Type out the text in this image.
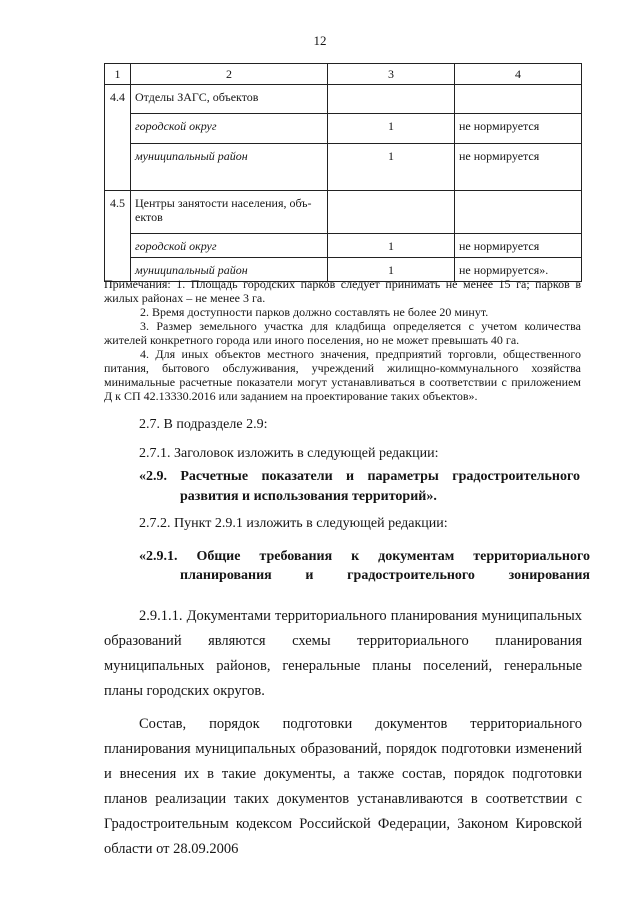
12
1	2	3	4
4.4	Отделы ЗАГС, объектов		
	городской округ	1	не нормируется
	муниципальный район	1	не нормируется
4.5	Центры занятости населения, объ-ектов		
	городской округ	1	не нормируется
	муниципальный район	1	не нормируется».

Примечания: 1. Площадь городских парков следует принимать не менее 15 га; парков в жилых районах – не менее 3 га.

2. Время доступности парков должно составлять не более 20 минут.

3. Размер земельного участка для кладбища определяется с учетом количества жителей конкретного города или иного поселения, но не может превышать 40 га.

4. Для иных объектов местного значения, предприятий торговли, общественного питания, бытового обслуживания, учреждений жилищно-коммунального хозяйства минимальные расчетные показатели могут устанавливаться в соответствии с приложением Д к СП 42.13330.2016 или заданием на проектирование таких объектов».

2.7. В подразделе 2.9:
2.7.1. Заголовок изложить в следующей редакции:
«2.9. Расчетные показатели и параметры градостроительного
развития и использования территорий».
2.7.2. Пункт 2.9.1 изложить в следующей редакции:
«2.9.1. Общие требования к документам территориального
планирования и градостроительного зонирования

2.9.1.1. Документами территориального планирования муниципальных образований являются схемы территориального планирования муниципальных районов, генеральные планы поселений, генеральные планы городских округов.

Состав, порядок подготовки документов территориального планирования муниципальных образований, порядок подготовки изменений и внесения их в такие документы, а также состав, порядок подготовки планов реализации таких документов устанавливаются в соответствии с Градостроительным кодексом Российской Федерации, Законом Кировской области от 28.09.2006
